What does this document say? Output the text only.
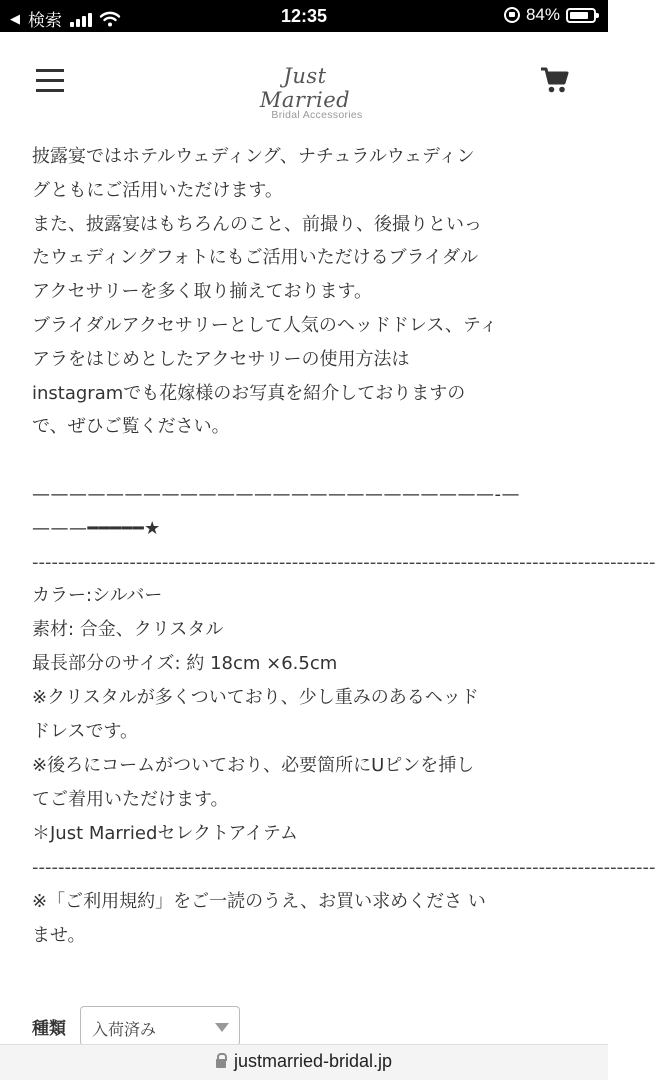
◀ 検索	12:35	84%
Just Married
Bridal Accessories

披露宴ではホテルウェディング、ナチュラルウェディン

グともにご活用いただけます。

また、披露宴はもちろんのこと、前撮り、後撮りといっ

たウェディングフォトにもご活用いただけるブライダル

アクセサリーを多く取り揃えております。

ブライダルアクセサリーとして人気のヘッドドレス、ティ

アラをはじめとしたアクセサリーの使用方法は

instagramでも花嫁様のお写真を紹介しておりますの

で、ぜひご覧ください。

—————————————————————————-—

———━━━━━★

------------------------------------------------------------------------------------------------

カラー:シルバー

素材: 合金、クリスタル

最長部分のサイズ: 約 18cm ×6.5cm

※クリスタルが多くついており、少し重みのあるヘッド

ドレスです。

※後ろにコームがついており、必要箇所にUピンを挿し

てご着用いただけます。

＊Just Marriedセレクトアイテム

------------------------------------------------------------------------------------------------

※「ご利用規約」をご一読のうえ、お買い求めくださ い

ませ。

種類 入荷済み
justmarried-bridal.jp
